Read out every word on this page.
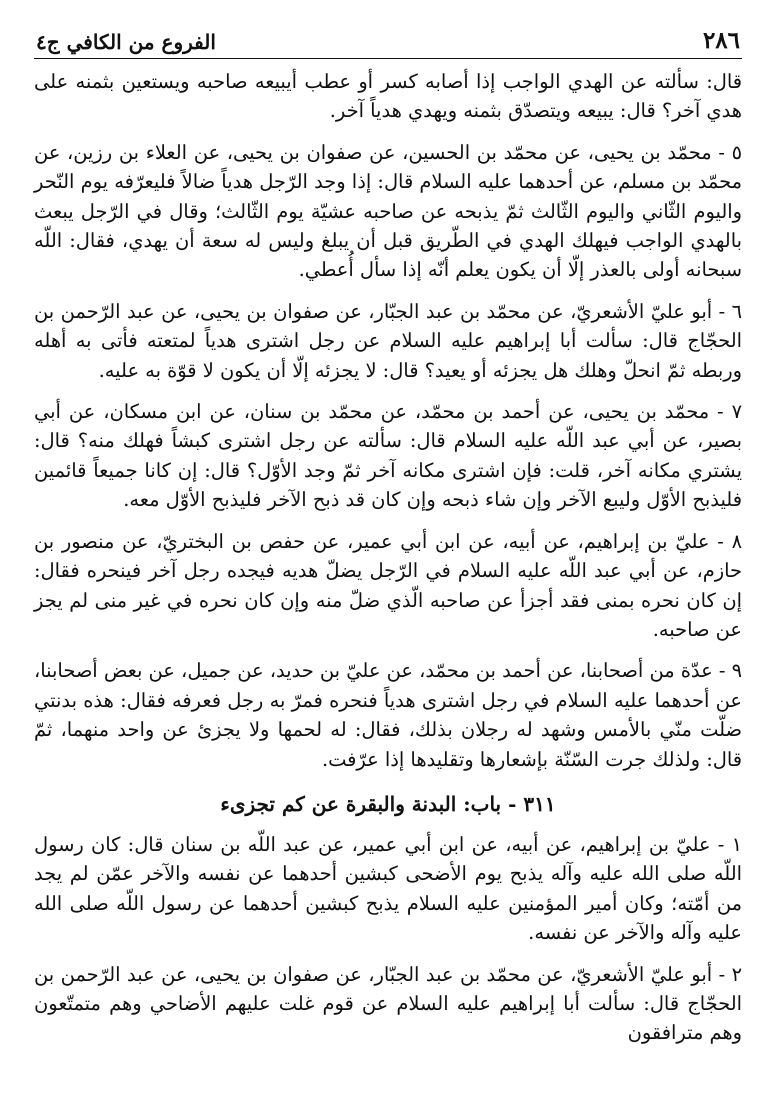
٢٨٦
الفروع من الكافي ج٤

قال: سألته عن الهدي الواجب إذا أصابه كسر أو عطب أيبيعه صاحبه ويستعين بثمنه على هدي آخر؟ قال: يبيعه ويتصدّق بثمنه ويهدي هدياً آخر.

٥ - محمّد بن يحيى، عن محمّد بن الحسين، عن صفوان بن يحيى، عن العلاء بن رزين، عن محمّد بن مسلم، عن أحدهما عليه السلام قال: إذا وجد الرّجل هدياً ضالاً فليعرّفه يوم النّحر واليوم الثّاني واليوم الثّالث ثمّ يذبحه عن صاحبه عشيّة يوم الثّالث؛ وقال في الرّجل يبعث بالهدي الواجب فيهلك الهدي في الطّريق قبل أن يبلغ وليس له سعة أن يهدي، فقال: اللّه سبحانه أولى بالعذر إلّا أن يكون يعلم أنّه إذا سأل أُعطي.

٦ - أبو عليّ الأشعريّ، عن محمّد بن عبد الجبّار، عن صفوان بن يحيى، عن عبد الرّحمن بن الحجّاج قال: سألت أبا إبراهيم عليه السلام عن رجل اشترى هدياً لمتعته فأتى به أهله وربطه ثمّ انحلّ وهلك هل يجزئه أو يعيد؟ قال: لا يجزئه إلّا أن يكون لا قوّة به عليه.

٧ - محمّد بن يحيى، عن أحمد بن محمّد، عن محمّد بن سنان، عن ابن مسكان، عن أبي بصير، عن أبي عبد اللّه عليه السلام قال: سألته عن رجل اشترى كبشاً فهلك منه؟ قال: يشتري مكانه آخر، قلت: فإن اشترى مكانه آخر ثمّ وجد الأوّل؟ قال: إن كانا جميعاً قائمين فليذبح الأوّل وليبع الآخر وإن شاء ذبحه وإن كان قد ذبح الآخر فليذبح الأوّل معه.

٨ - عليّ بن إبراهيم، عن أبيه، عن ابن أبي عمير، عن حفص بن البختريّ، عن منصور بن حازم، عن أبي عبد اللّه عليه السلام في الرّجل يضلّ هديه فيجده رجل آخر فينحره فقال: إن كان نحره بمنى فقد أجزأ عن صاحبه الّذي ضلّ منه وإن كان نحره في غير منى لم يجز عن صاحبه.

٩ - عدّة من أصحابنا، عن أحمد بن محمّد، عن عليّ بن حديد، عن جميل، عن بعض أصحابنا، عن أحدهما عليه السلام في رجل اشترى هدياً فنحره فمرّ به رجل فعرفه فقال: هذه بدنتي ضلّت منّي بالأمس وشهد له رجلان بذلك، فقال: له لحمها ولا يجزئ عن واحد منهما، ثمّ قال: ولذلك جرت السّنّة بإشعارها وتقليدها إذا عرّفت.

٣١١ - باب: البدنة والبقرة عن كم تجزىء

١ - عليّ بن إبراهيم، عن أبيه، عن ابن أبي عمير، عن عبد اللّه بن سنان قال: كان رسول اللّه صلى الله عليه وآله يذبح يوم الأضحى كبشين أحدهما عن نفسه والآخر عمّن لم يجد من أمّته؛ وكان أمير المؤمنين عليه السلام يذبح كبشين أحدهما عن رسول اللّه صلى الله عليه وآله والآخر عن نفسه.

٢ - أبو عليّ الأشعريّ، عن محمّد بن عبد الجبّار، عن صفوان بن يحيى، عن عبد الرّحمن بن الحجّاج قال: سألت أبا إبراهيم عليه السلام عن قوم غلت عليهم الأضاحي وهم متمتّعون وهم مترافقون
